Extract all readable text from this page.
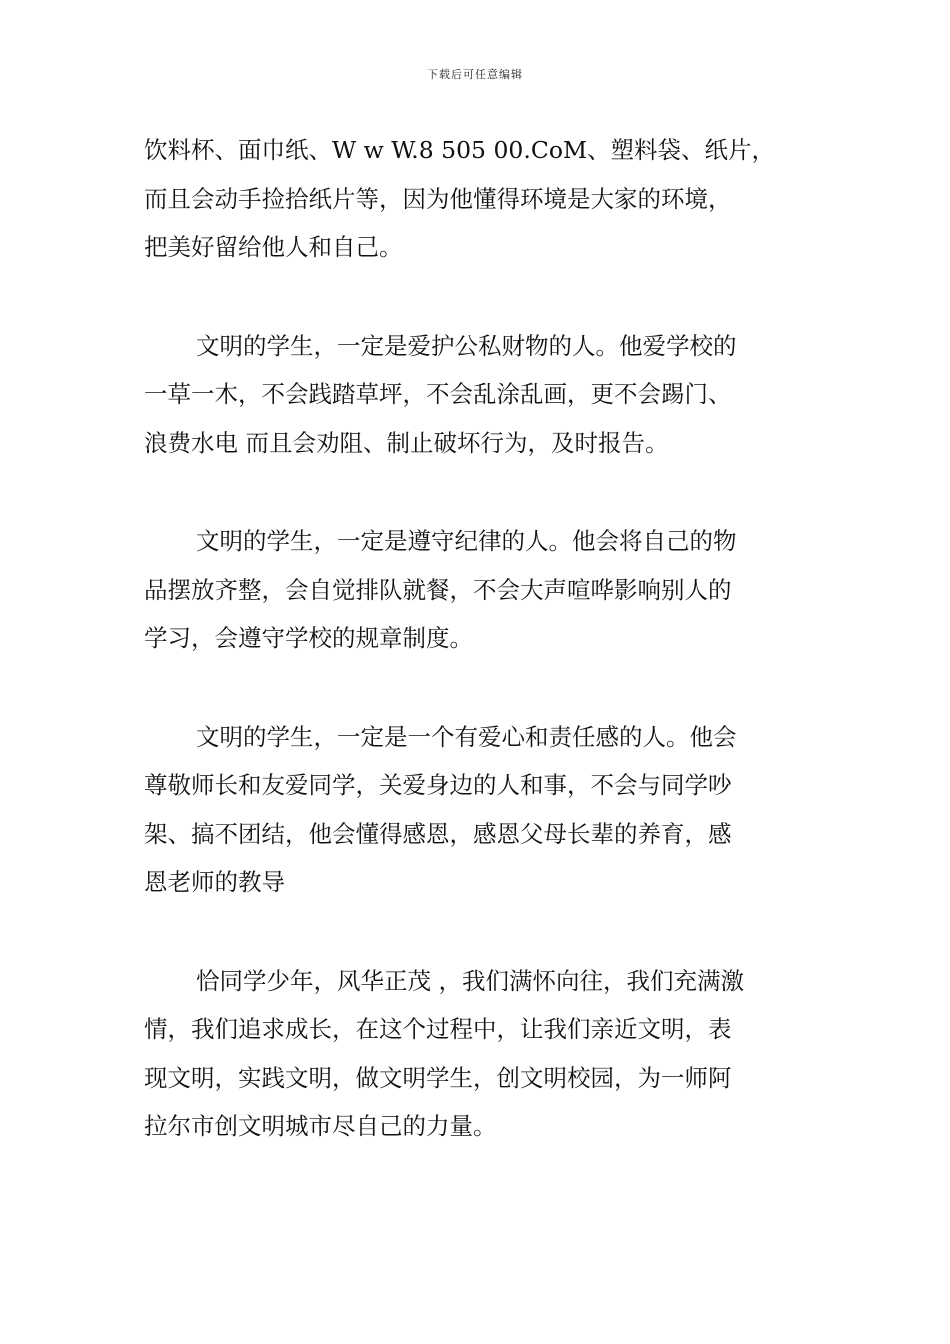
下载后可任意编辑

饮料杯、面巾纸、W w W.8 505 00.CoM、塑料袋、纸片，
而且会动手捡拾纸片等，因为他懂得环境是大家的环境，
把美好留给他人和自己。

文明的学生，一定是爱护公私财物的人。他爱学校的
一草一木，不会践踏草坪，不会乱涂乱画，更不会踢门、
浪费水电 而且会劝阻、制止破坏行为，及时报告。

文明的学生，一定是遵守纪律的人。他会将自己的物
品摆放齐整，会自觉排队就餐，不会大声喧哗影响别人的
学习，会遵守学校的规章制度。

文明的学生，一定是一个有爱心和责任感的人。他会
尊敬师长和友爱同学，关爱身边的人和事，不会与同学吵
架、搞不团结，他会懂得感恩，感恩父母长辈的养育，感
恩老师的教导

恰同学少年，风华正茂 ，我们满怀向往，我们充满激
情，我们追求成长，在这个过程中，让我们亲近文明，表
现文明，实践文明，做文明学生，创文明校园，为一师阿
拉尔市创文明城市尽自己的力量。
